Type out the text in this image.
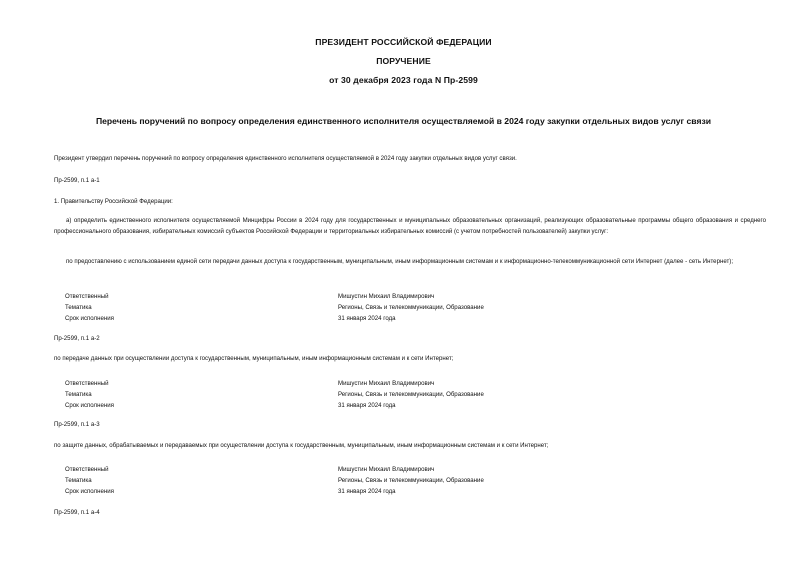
ПРЕЗИДЕНТ РОССИЙСКОЙ ФЕДЕРАЦИИ
ПОРУЧЕНИЕ
от 30 декабря 2023 года N Пр-2599
Перечень поручений по вопросу определения единственного исполнителя осуществляемой в 2024 году закупки отдельных видов услуг связи
Президент утвердил перечень поручений по вопросу определения единственного исполнителя осуществляемой в 2024 году закупки отдельных видов услуг связи.
Пр-2599, п.1 а-1
1. Правительству Российской Федерации:
а) определить единственного исполнителя осуществляемой Минцифры России в 2024 году для государственных и муниципальных образовательных организаций, реализующих образовательные программы общего образования и среднего профессионального образования, избирательных комиссий субъектов Российской Федерации и территориальных избирательных комиссий (с учетом потребностей пользователей) закупки услуг:
по предоставлению с использованием единой сети передачи данных доступа к государственным, муниципальным, иным информационным системам и к информационно-телекоммуникационной сети Интернет (далее - сеть Интернет);
Ответственный	Мишустин Михаил Владимирович
Тематика	Регионы, Связь и телекоммуникации, Образование
Срок исполнения	31 января 2024 года
Пр-2599, п.1 а-2
по передаче данных при осуществлении доступа к государственным, муниципальным, иным информационным системам и к сети Интернет;
Ответственный	Мишустин Михаил Владимирович
Тематика	Регионы, Связь и телекоммуникации, Образование
Срок исполнения	31 января 2024 года
Пр-2599, п.1 а-3
по защите данных, обрабатываемых и передаваемых при осуществлении доступа к государственным, муниципальным, иным информационным системам и к сети Интернет;
Ответственный	Мишустин Михаил Владимирович
Тематика	Регионы, Связь и телекоммуникации, Образование
Срок исполнения	31 января 2024 года
Пр-2599, п.1 а-4
